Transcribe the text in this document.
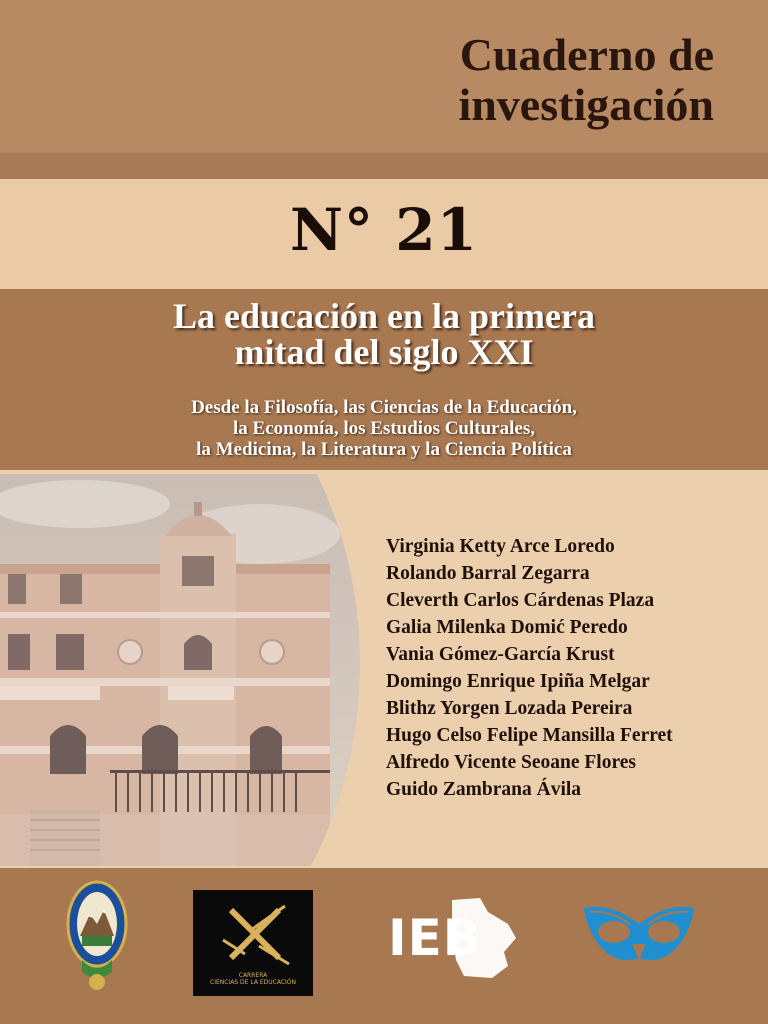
Cuaderno de
investigación
N° 21
La educación en la primera
mitad del siglo XXI
Desde la Filosofía, las Ciencias de la Educación,
la Economía, los Estudios Culturales,
la Medicina, la Literatura y la Ciencia Política
Virginia Ketty Arce Loredo
Rolando Barral Zegarra
Cleverth Carlos Cárdenas Plaza
Galia Milenka Domić Peredo
Vania Gómez-García Krust
Domingo Enrique Ipiña Melgar
Blithz Yorgen Lozada Pereira
Hugo Celso Felipe Mansilla Ferret
Alfredo Vicente Seoane Flores
Guido Zambrana Ávila
CARRERA
CIENCIAS DE LA EDUCACIÓN
IEB
